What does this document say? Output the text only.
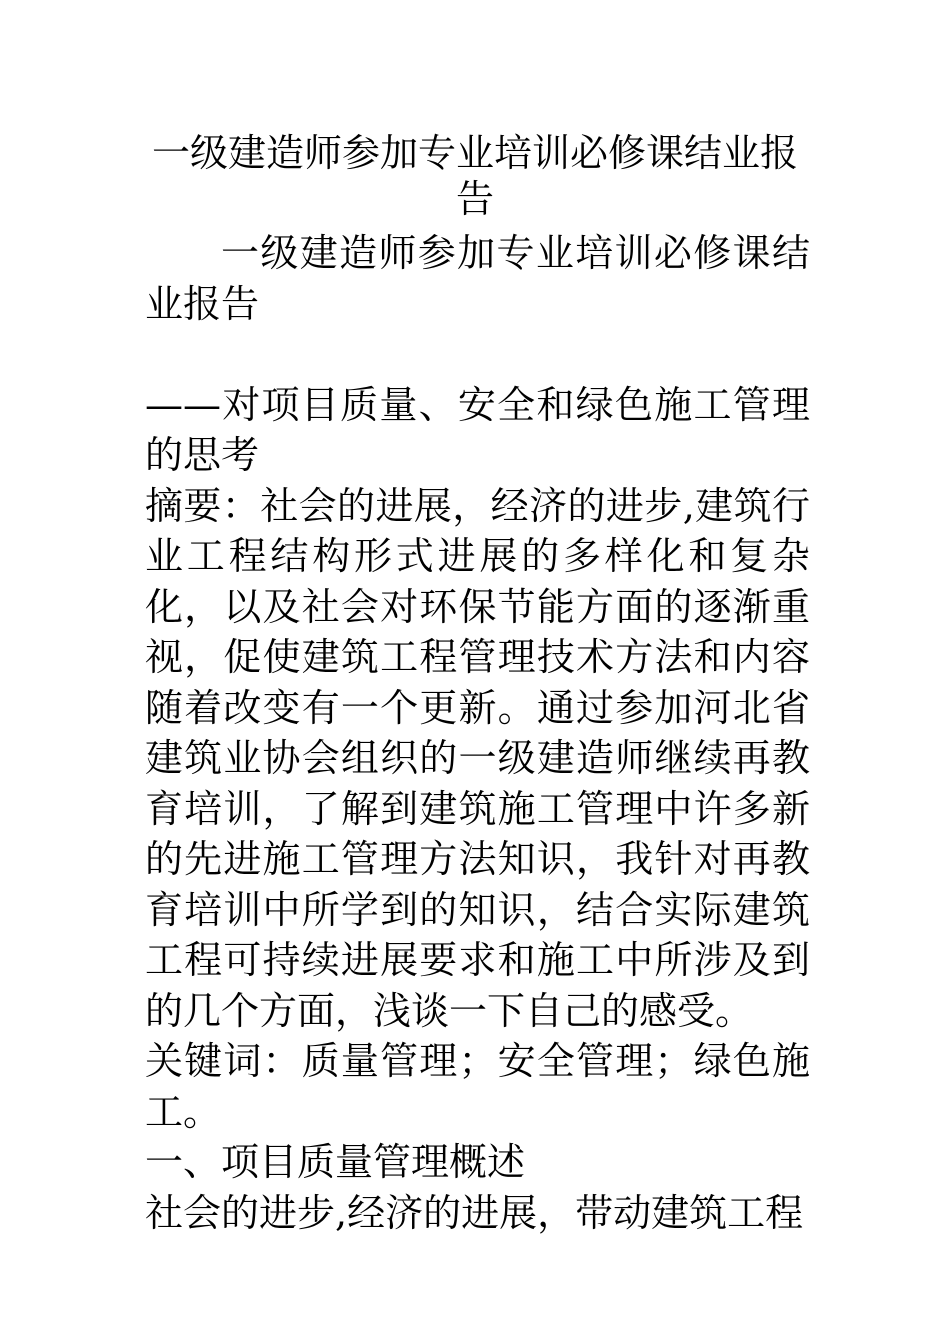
一级建造师参加专业培训必修课结业报告

一级建造师参加专业培训必修课结业报告

——对项目质量、安全和绿色施工管理的思考

摘要：社会的进展，经济的进步,建筑行业工程结构形式进展的多样化和复杂化，以及社会对环保节能方面的逐渐重视，促使建筑工程管理技术方法和内容随着改变有一个更新。通过参加河北省建筑业协会组织的一级建造师继续再教育培训，了解到建筑施工管理中许多新的先进施工管理方法知识，我针对再教育培训中所学到的知识，结合实际建筑工程可持续进展要求和施工中所涉及到的几个方面，浅谈一下自己的感受。

关键词：质量管理；安全管理；绿色施工。

一、项目质量管理概述

社会的进步,经济的进展，带动建筑工程
